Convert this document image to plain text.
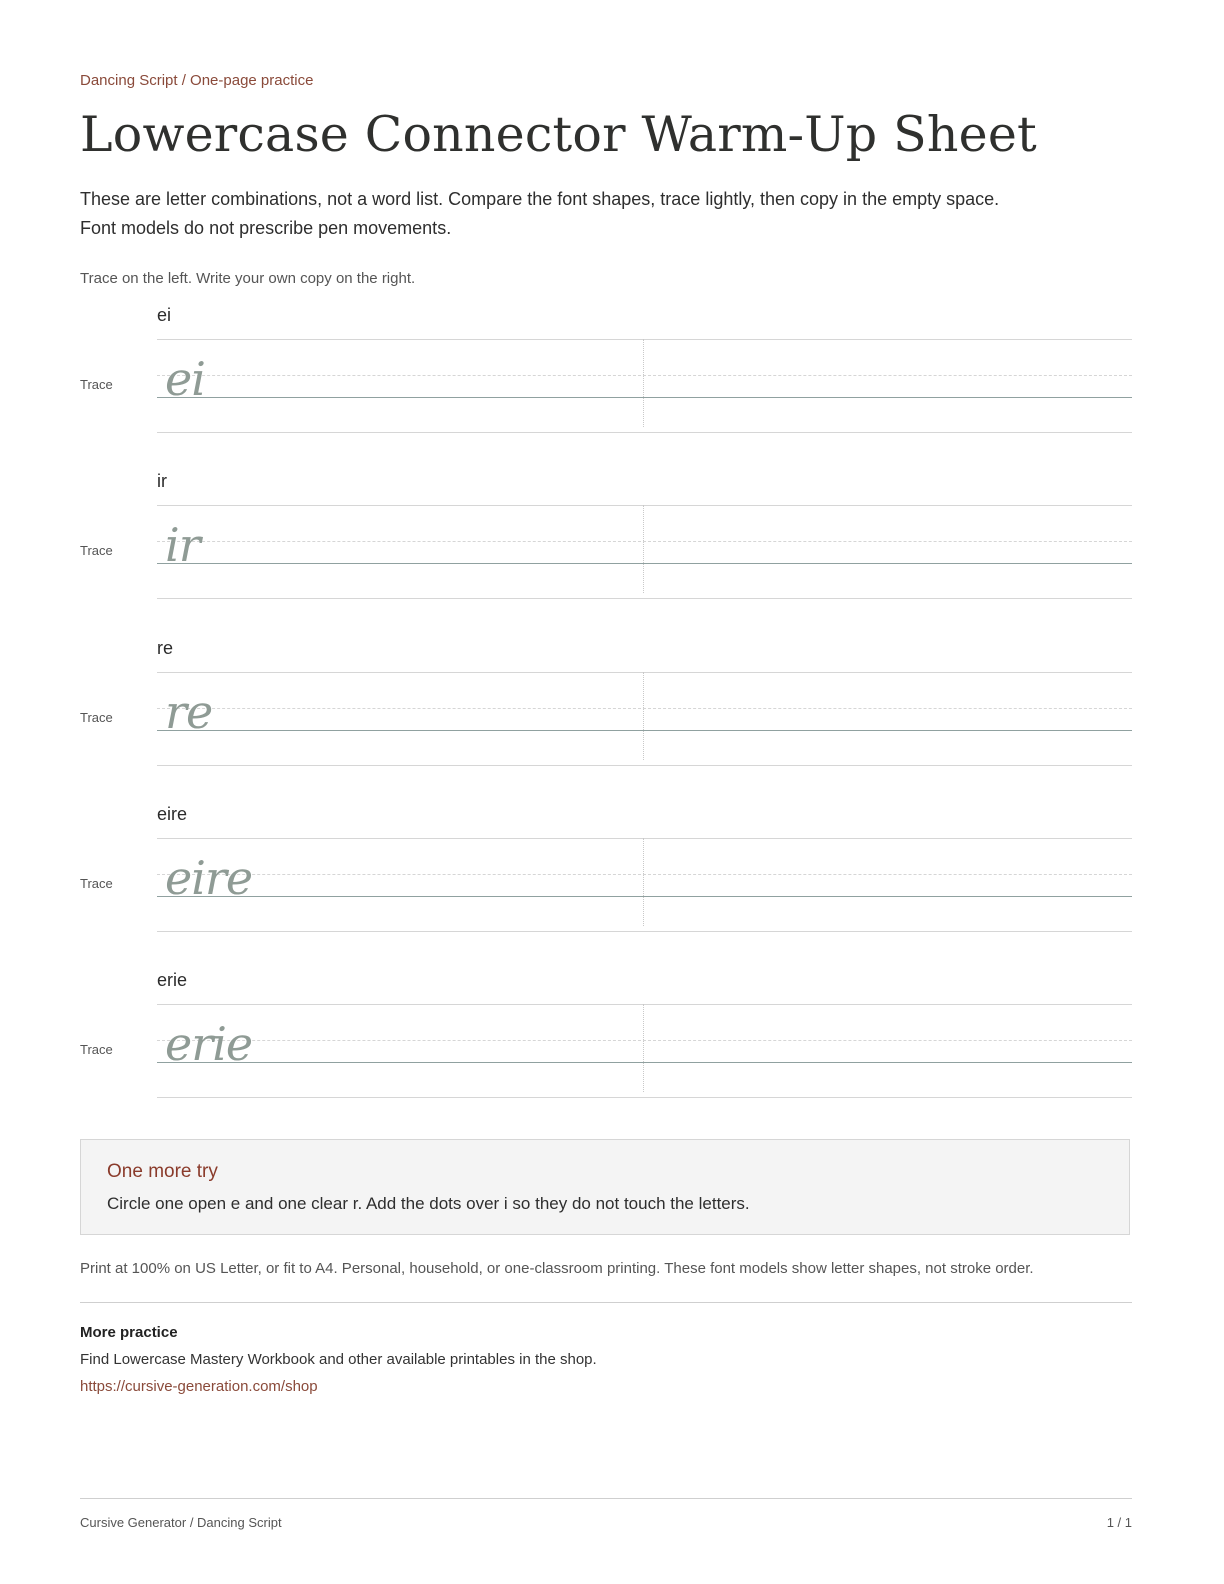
Dancing Script / One-page practice
Lowercase Connector Warm-Up Sheet

These are letter combinations, not a word list. Compare the font shapes, trace lightly, then copy in the empty space.

Font models do not prescribe pen movements.

Trace on the left. Write your own copy on the right.
ei
Trace ei
ir
Trace ir
re
Trace re
eire
Trace eire
erie
Trace erie
One more try
Circle one open e and one clear r. Add the dots over i so they do not touch the letters.
Print at 100% on US Letter, or fit to A4. Personal, household, or one-classroom printing. These font models show letter shapes, not stroke order.
More practice
Find Lowercase Mastery Workbook and other available printables in the shop.
https://cursive-generation.com/shop
Cursive Generator / Dancing Script	1 / 1
